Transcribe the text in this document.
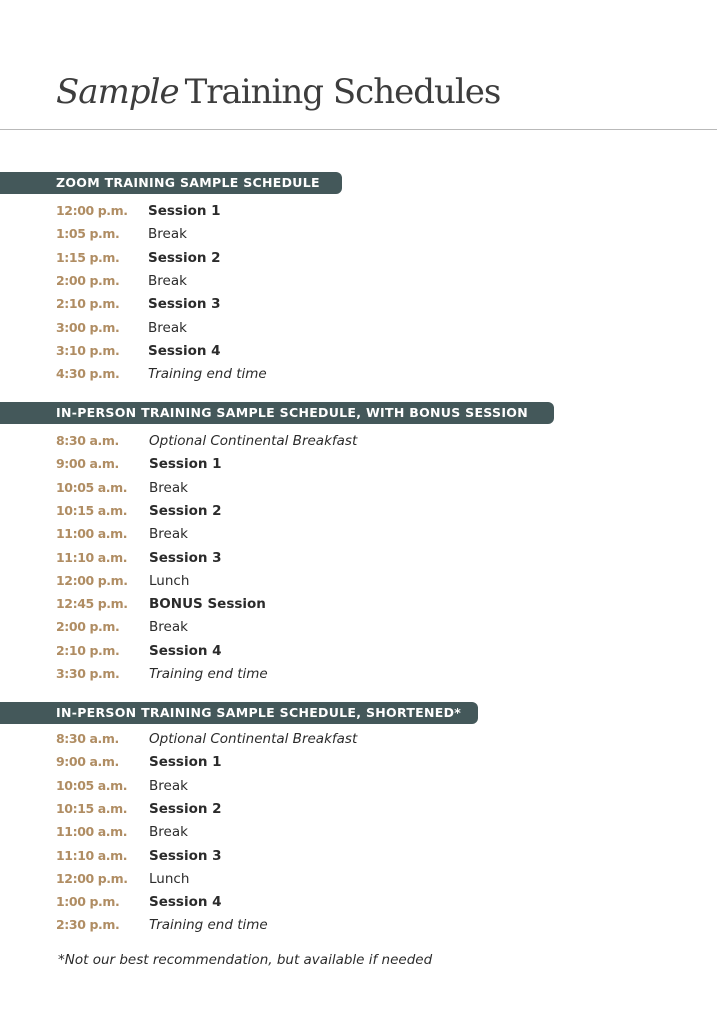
Sample Training Schedules
ZOOM TRAINING SAMPLE SCHEDULE
IN-PERSON TRAINING SAMPLE SCHEDULE, WITH BONUS SESSION
IN-PERSON TRAINING SAMPLE SCHEDULE, SHORTENED*
12:00 p.m. Session 1
1:05 p.m. Break
1:15 p.m. Session 2
2:00 p.m. Break
2:10 p.m. Session 3
3:00 p.m. Break
3:10 p.m. Session 4
4:30 p.m. Training end time
8:30 a.m. Optional Continental Breakfast
9:00 a.m. Session 1
10:05 a.m. Break
10:15 a.m. Session 2
11:00 a.m. Break
11:10 a.m. Session 3
12:00 p.m. Lunch
12:45 p.m. BONUS Session
2:00 p.m. Break
2:10 p.m. Session 4
3:30 p.m. Training end time
8:30 a.m. Optional Continental Breakfast
9:00 a.m. Session 1
10:05 a.m. Break
10:15 a.m. Session 2
11:00 a.m. Break
11:10 a.m. Session 3
12:00 p.m. Lunch
1:00 p.m. Session 4
2:30 p.m. Training end time
*Not our best recommendation, but available if needed
